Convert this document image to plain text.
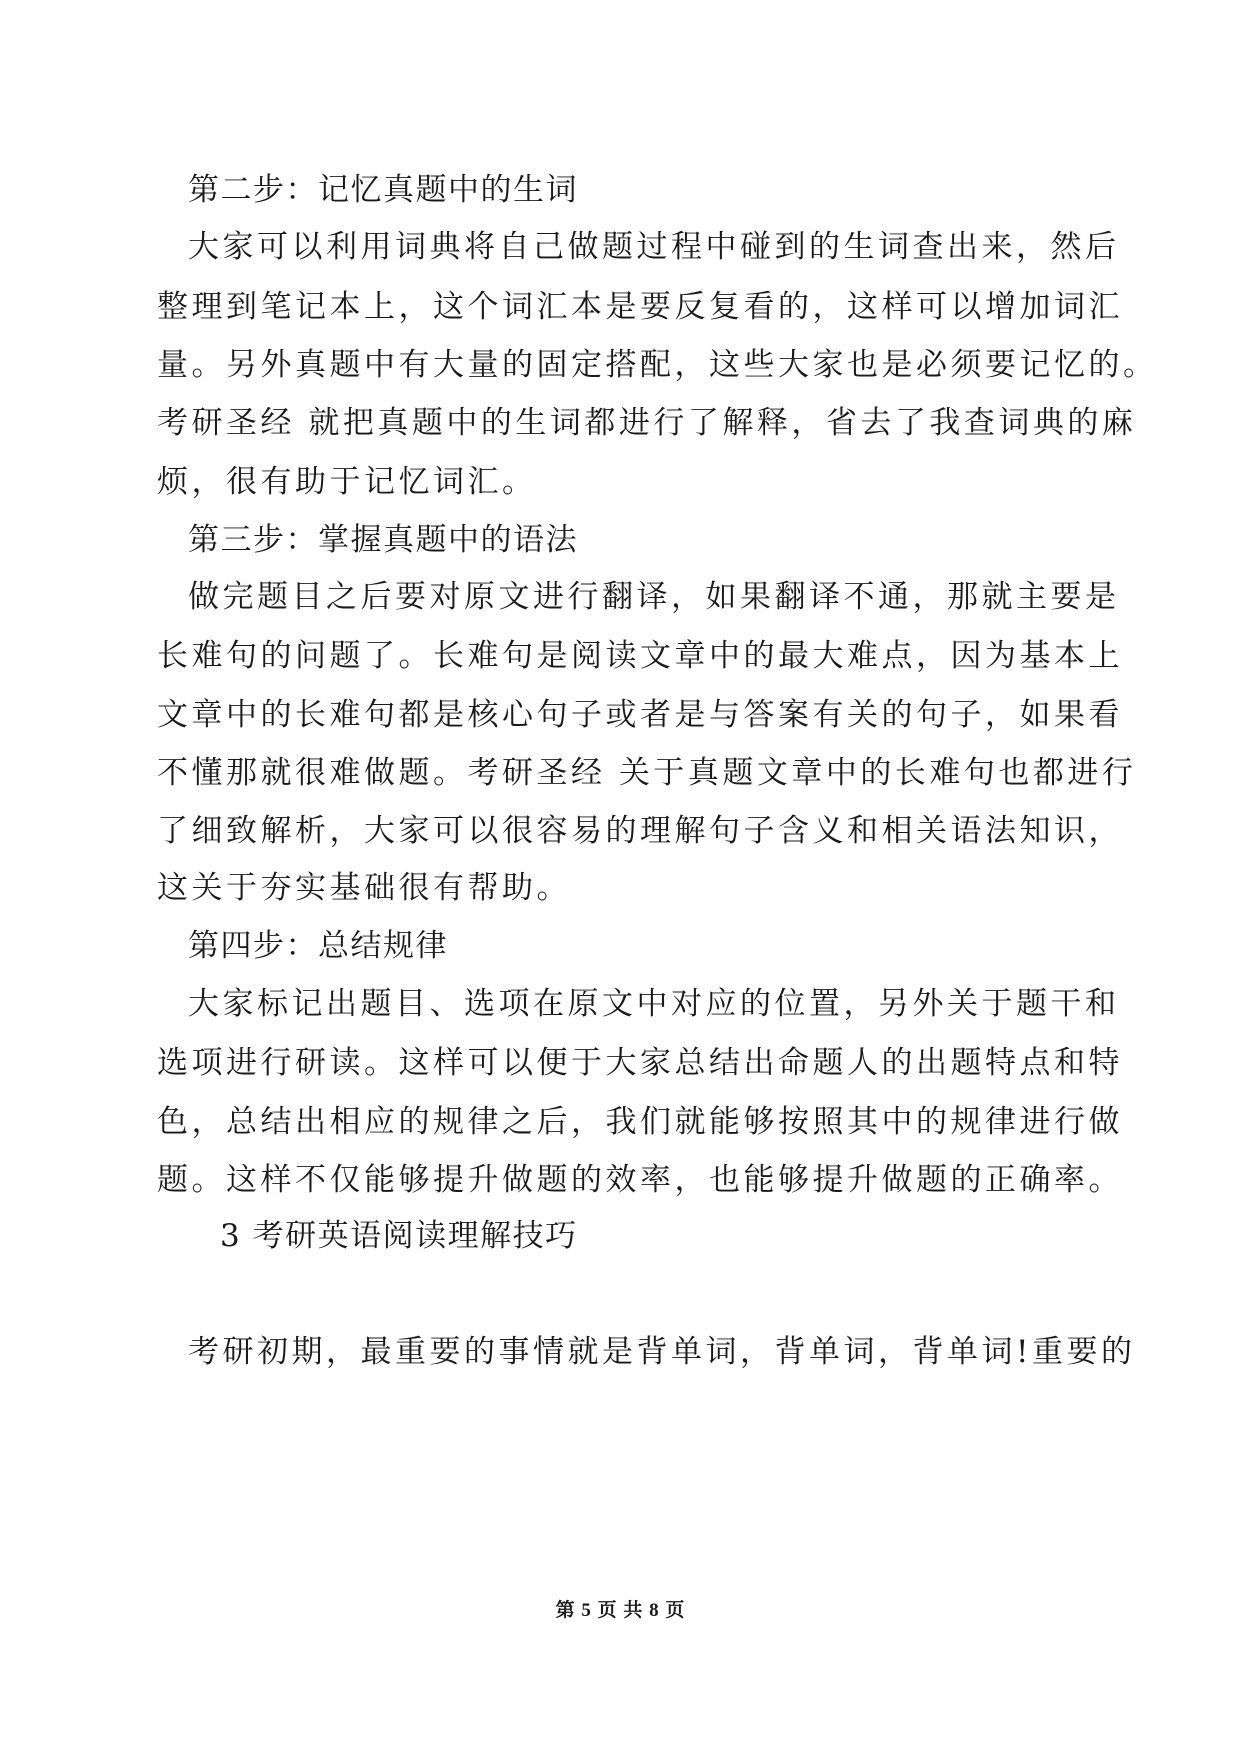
第二步：记忆真题中的生词
大家可以利用词典将自己做题过程中碰到的生词查出来，然后
整理到笔记本上，这个词汇本是要反复看的，这样可以增加词汇
量。另外真题中有大量的固定搭配，这些大家也是必须要记忆的。
考研圣经 就把真题中的生词都进行了解释，省去了我查词典的麻
烦，很有助于记忆词汇。
第三步：掌握真题中的语法
做完题目之后要对原文进行翻译，如果翻译不通，那就主要是
长难句的问题了。长难句是阅读文章中的最大难点，因为基本上
文章中的长难句都是核心句子或者是与答案有关的句子，如果看
不懂那就很难做题。考研圣经 关于真题文章中的长难句也都进行
了细致解析，大家可以很容易的理解句子含义和相关语法知识，
这关于夯实基础很有帮助。
第四步：总结规律
大家标记出题目、选项在原文中对应的位置，另外关于题干和
选项进行研读。这样可以便于大家总结出命题人的出题特点和特
色，总结出相应的规律之后，我们就能够按照其中的规律进行做
题。这样不仅能够提升做题的效率，也能够提升做题的正确率。
3 考研英语阅读理解技巧
考研初期，最重要的事情就是背单词，背单词，背单词!重要的
第 5 页 共 8 页
